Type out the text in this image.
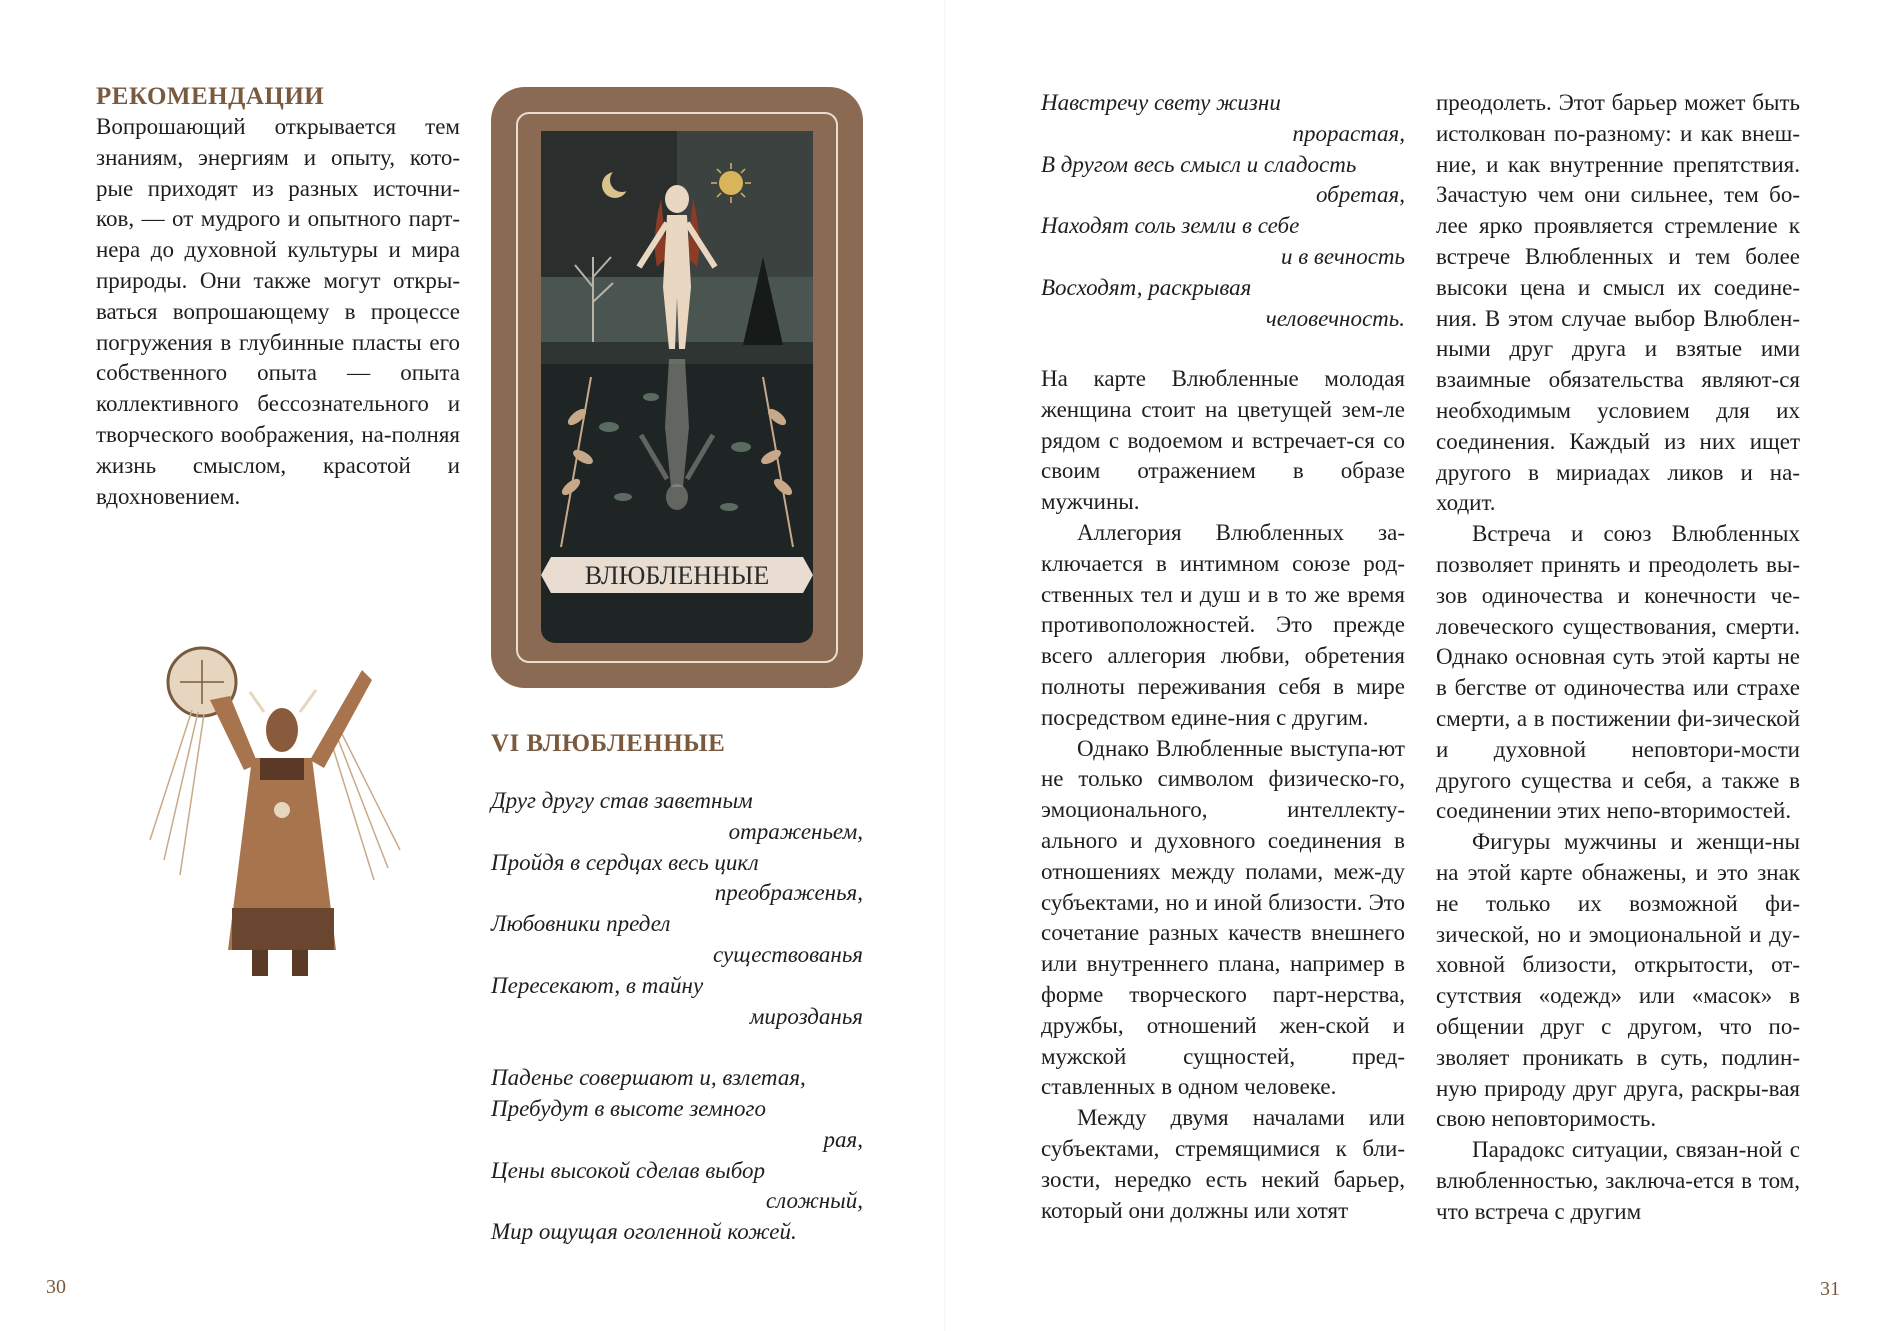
РЕКОМЕНДАЦИИ

Вопрошающий открывается тем знаниям, энергиям и опыту, кото-рые приходят из разных источни-ков, — от мудрого и опытного парт-нера до духовной культуры и мира природы. Они также могут откры-ваться вопрошающему в процессе погружения в глубинные пласты его собственного опыта — опыта коллективного бессознательного и творческого воображения, на-полняя жизнь смыслом, красотой и вдохновением.

ВЛЮБЛЕННЫЕ
VI ВЛЮБЛЕННЫЕ
Друг другу став заветным
отраженьем,
Пройдя в сердцах весь цикл
преображенья,
Любовники предел
существованья
Пересекают, в тайну
мирозданья
Паденье совершают и, взлетая,
Пребудут в высоте земного
рая,
Цены высокой сделав выбор
сложный,
Мир ощущая оголенной кожей.

30

Навстречу свету жизни
прорастая,
В другом весь смысл и сладость
обретая,
Находят соль земли в себе
и в вечность
Восходят, раскрывая
человечность.

На карте Влюбленные молодая женщина стоит на цветущей зем-ле рядом с водоемом и встречает-ся со своим отражением в образе мужчины.

Аллегория Влюбленных за-ключается в интимном союзе род-ственных тел и душ и в то же время противоположностей. Это прежде всего аллегория любви, обретения полноты переживания себя в мире посредством едине-ния с другим.

Однако Влюбленные выступа-ют не только символом физическо-го, эмоционального, интеллекту-ального и духовного соединения в отношениях между полами, меж-ду субъектами, но и иной близости. Это сочетание разных качеств внешнего или внутреннего плана, например в форме творческого парт-нерства, дружбы, отношений жен-ской и мужской сущностей, пред-ставленных в одном человеке.

Между двумя началами или субъектами, стремящимися к бли-зости, нередко есть некий барьер, который они должны или хотят

преодолеть. Этот барьер может быть истолкован по-разному: и как внеш-ние, и как внутренние препятствия. Зачастую чем они сильнее, тем бо-лее ярко проявляется стремление к встрече Влюбленных и тем более высоки цена и смысл их соедине-ния. В этом случае выбор Влюблен-ными друг друга и взятые ими взаимные обязательства являют-ся необходимым условием для их соединения. Каждый из них ищет другого в мириадах ликов и на-ходит.

Встреча и союз Влюбленных позволяет принять и преодолеть вы-зов одиночества и конечности че-ловеческого существования, смерти. Однако основная суть этой карты не в бегстве от одиночества или страхе смерти, а в постижении фи-зической и духовной неповтори-мости другого существа и себя, а также в соединении этих непо-вторимостей.

Фигуры мужчины и женщи-ны на этой карте обнажены, и это знак не только их возможной фи-зической, но и эмоциональной и ду-ховной близости, открытости, от-сутствия «одежд» или «масок» в общении друг с другом, что по-зволяет проникать в суть, подлин-ную природу друг друга, раскры-вая свою неповторимость.

Парадокс ситуации, связан-ной с влюбленностью, заключа-ется в том, что встреча с другим

31
